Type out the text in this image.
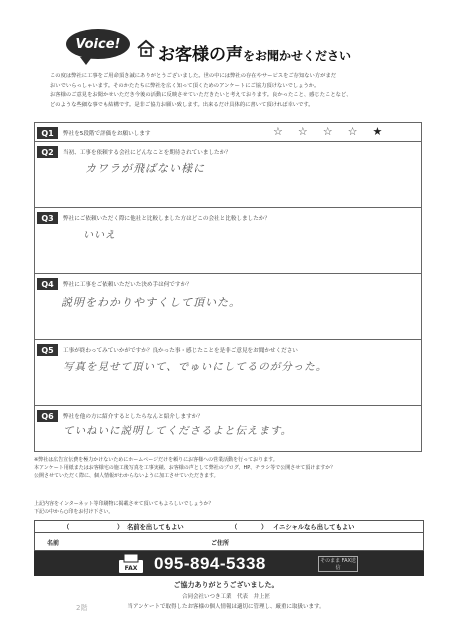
Voice!
お客様の声をお聞かせください

この度は弊社に工事をご用命頂き誠にありがとうございました。世の中には弊社の存在やサービスをご存知ない方がまだ

おいでいらっしゃいます。そのかたたちに弊社を広く知って頂くためのアンケートにご協力頂けないでしょうか。

お客様のご意見をお聞かせいただき今後の活動に反映させていただきたいと考えております。良かったこと、感じたことなど、

どのような些細な事でも結構です。是非ご協力お願い致します。出来るだけ具体的に書いて頂ければ幸いです。

Q1	弊社を5段階で評価をお願いします	☆ ☆ ☆ ☆ ★
Q2	当初、工事を依頼する会社にどんなことを期待されていましたか？
カワラが飛ばない様に
Q3	弊社にご依頼いただく際に他社と比較しました方はどこの会社と比較しましたか？
いいえ
Q4	弊社に工事をご依頼いただいた決め手は何ですか？
説明をわかりやすくして頂いた。
Q5	工事が終わってみていかがですか？良かった事・感じたことを是非ご意見をお聞かせください
写真を見せて頂いて、でゅいにしてるのが分った。
Q6	弊社を他の方に紹介するとしたらなんと紹介しますか？
ていねいに説明してくださるよと伝えます。
※弊社は広告宣伝費を極力かけないためにホームページだけを頼りにお客様への営業活動を行っております。
本アンケート用紙またはお客様宅の施工後写真を工事実績、お客様の声として弊社のブログ、HP、チラシ等で公開させて頂けますか？
公開させていただく際に、個人情報がわからないように加工させていただきます。
上記内容をインターネット等印刷物に掲載させて頂いてもよろしいでしょうか？
下記の中から○印をお付け下さい。
（	） 名前を出してもよい	（	） イニシャルなら出してもよい
名前	ご住所
FAX 095-894-5338	そのまま FAX送信
ご協力ありがとうございました。
合同会社いつき工業　代表　井上匠
当アンケートで取得したお客様の個人情報は適切に管理し、厳重に取扱います。
2階
